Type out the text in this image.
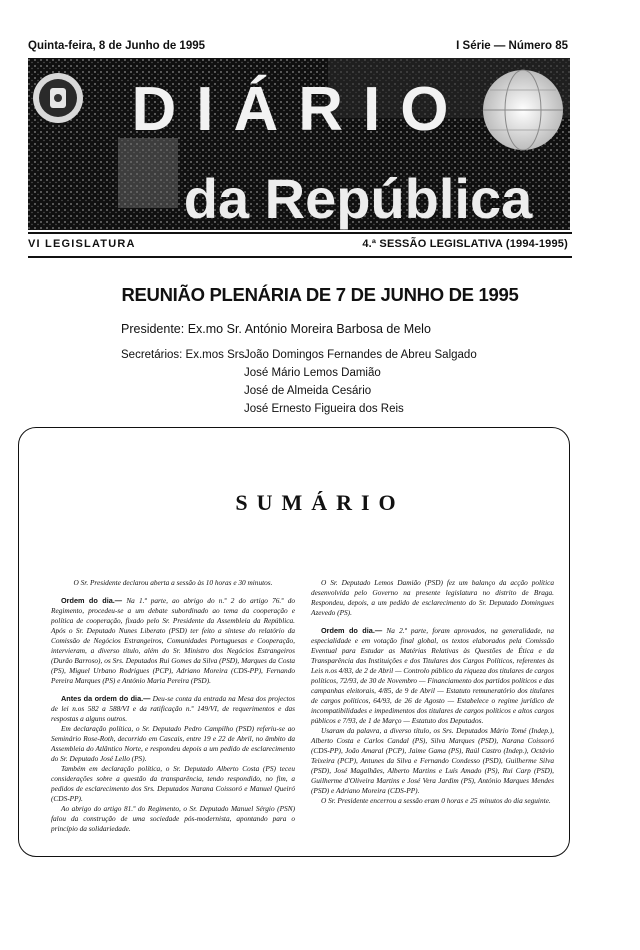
Quinta-feira, 8 de Junho de 1995	I Série — Número 85
DIÁRIO
da República
VI LEGISLATURA	4.ª SESSÃO LEGISLATIVA (1994-1995)
REUNIÃO PLENÁRIA DE 7 DE JUNHO DE 1995
Presidente: Ex.mo Sr. António Moreira Barbosa de Melo
Secretários: Ex.mos Srs.
João Domingos Fernandes de Abreu Salgado
José Mário Lemos Damião
José de Almeida Cesário
José Ernesto Figueira dos Reis
SUMÁRIO

O Sr. Presidente declarou aberta a sessão às 10 horas e 30 minutos.

Ordem do dia.— Na 1.ª parte, ao abrigo do n.º 2 do artigo 76.º do Regimento, procedeu-se a um debate subordinado ao tema da cooperação e política de cooperação, fixado pelo Sr. Presidente da Assembleia da República. Após o Sr. Deputado Nunes Liberato (PSD) ter feito a síntese do relatório da Comissão de Negócios Estrangeiros, Comunidades Portuguesas e Cooperação, intervieram, a diverso título, além do Sr. Ministro dos Negócios Estrangeiros (Durão Barroso), os Srs. Deputados Rui Gomes da Silva (PSD), Marques da Costa (PS), Miguel Urbano Rodrigues (PCP), Adriano Moreira (CDS-PP), Fernando Pereira Marques (PS) e António Maria Pereira (PSD).

Antes da ordem do dia.— Deu-se conta da entrada na Mesa dos projectos de lei n.os 582 a 588/VI e da ratificação n.º 149/VI, de requerimentos e das respostas a alguns outros.

Em declaração política, o Sr. Deputado Pedro Campilho (PSD) referiu-se ao Seminário Rose-Roth, decorrido em Cascais, entre 19 e 22 de Abril, no âmbito da Assembleia do Atlântico Norte, e respondeu depois a um pedido de esclarecimento do Sr. Deputado José Lello (PS).

Também em declaração política, o Sr. Deputado Alberto Costa (PS) teceu considerações sobre a questão da transparência, tendo respondido, no fim, a pedidos de esclarecimento dos Srs. Deputados Narana Coissoró e Manuel Queiró (CDS-PP).

Ao abrigo do artigo 81.º do Regimento, o Sr. Deputado Manuel Sérgio (PSN) falou da construção de uma sociedade pós-modernista, apontando para o princípio da solidariedade.

O Sr. Deputado Lemos Damião (PSD) fez um balanço da acção política desenvolvida pelo Governo na presente legislatura no distrito de Braga. Respondeu, depois, a um pedido de esclarecimento do Sr. Deputado Domingues Azevedo (PS).

Ordem do dia.— Na 2.ª parte, foram aprovados, na generalidade, na especialidade e em votação final global, os textos elaborados pela Comissão Eventual para Estudar as Matérias Relativas às Questões de Ética e da Transparência das Instituições e dos Titulares dos Cargos Políticos, referentes às Leis n.os 4/83, de 2 de Abril — Controlo público da riqueza dos titulares de cargos políticos, 72/93, de 30 de Novembro — Financiamento dos partidos políticos e das campanhas eleitorais, 4/85, de 9 de Abril — Estatuto remuneratório dos titulares de cargos políticos, 64/93, de 26 de Agosto — Estabelece o regime jurídico de incompatibilidades e impedimentos dos titulares de cargos políticos e altos cargos públicos e 7/93, de 1 de Março — Estatuto dos Deputados.

Usaram da palavra, a diverso título, os Srs. Deputados Mário Tomé (Indep.), Alberto Costa e Carlos Candal (PS), Silva Marques (PSD), Narana Coissoró (CDS-PP), João Amaral (PCP), Jaime Gama (PS), Raúl Castro (Indep.), Octávio Teixeira (PCP), Antunes da Silva e Fernando Condesso (PSD), Guilherme Silva (PSD), José Magalhães, Alberto Martins e Luís Amado (PS), Rui Carp (PSD), Guilherme d'Oliveira Martins e José Vera Jardim (PS), António Marques Mendes (PSD) e Adriano Moreira (CDS-PP).

O Sr. Presidente encerrou a sessão eram 0 horas e 25 minutos do dia seguinte.
